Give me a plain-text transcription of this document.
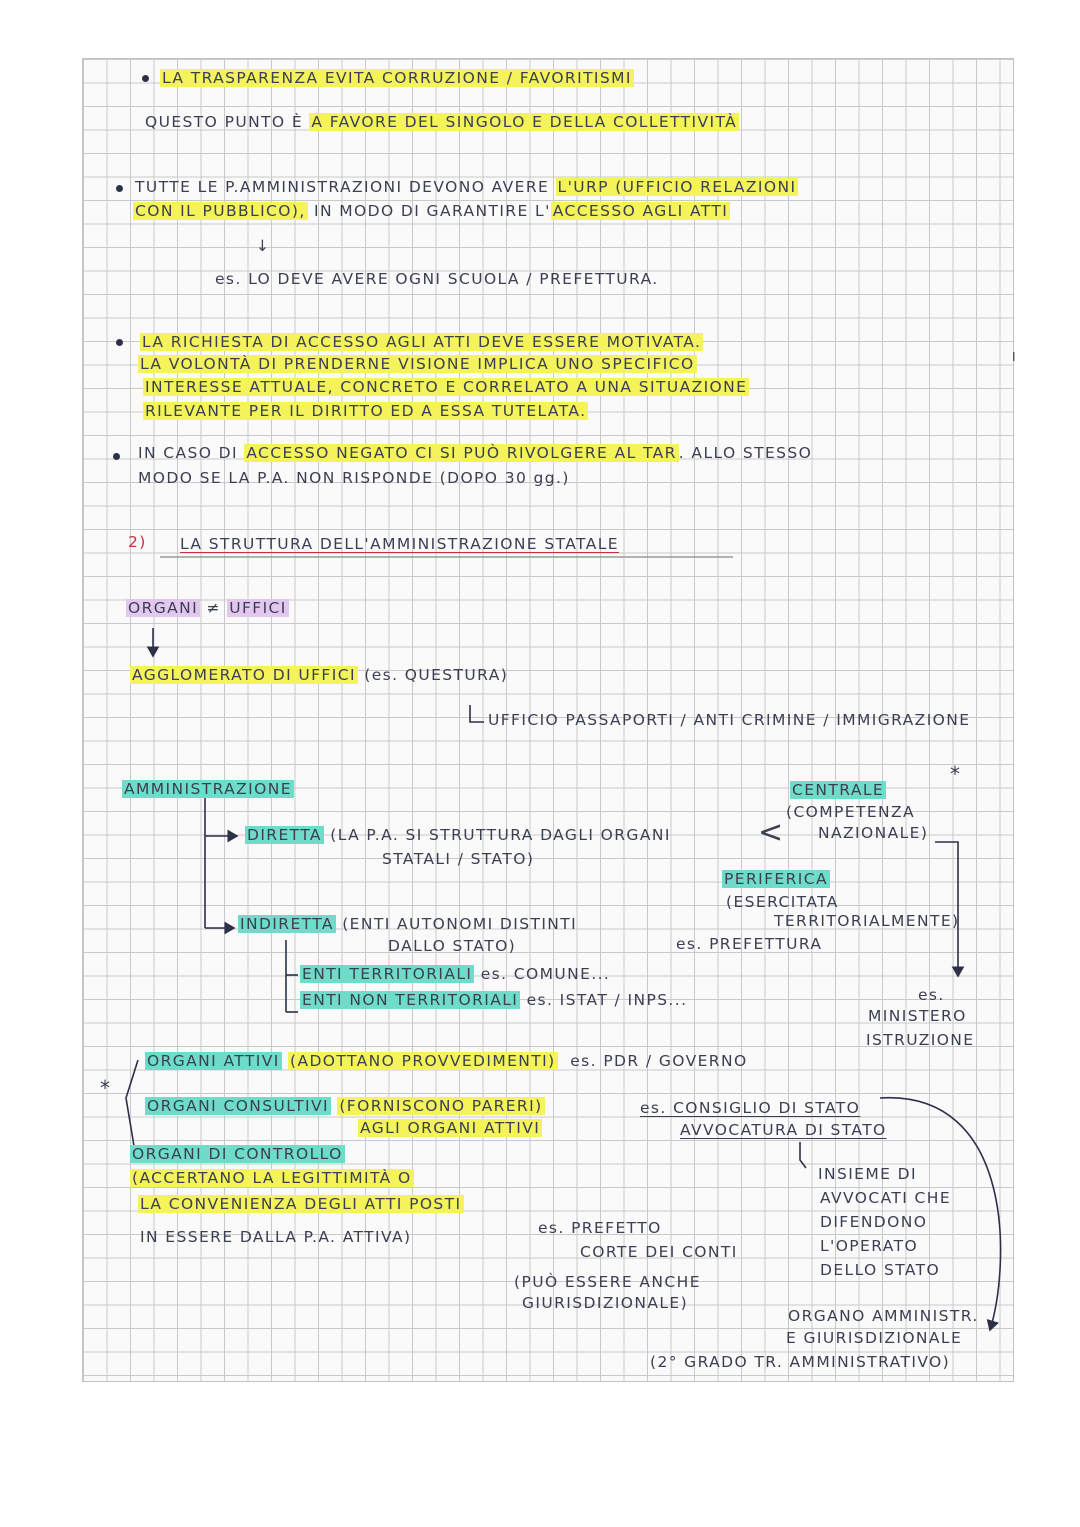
LA TRASPARENZA EVITA CORRUZIONE / FAVORITISMI

QUESTO PUNTO È A FAVORE DEL SINGOLO E DELLA COLLETTIVITÀ

TUTTE LE P.AMMINISTRAZIONI DEVONO AVERE L'URP (UFFICIO RELAZIONI

CON IL PUBBLICO), IN MODO DI GARANTIRE L' ACCESSO AGLI ATTI

↓

es. LO DEVE AVERE OGNI SCUOLA / PREFETTURA.

LA RICHIESTA DI ACCESSO AGLI ATTI DEVE ESSERE MOTIVATA.

LA VOLONTÀ DI PRENDERNE VISIONE IMPLICA UNO SPECIFICO

INTERESSE ATTUALE, CONCRETO E CORRELATO A UNA SITUAZIONE

RILEVANTE PER IL DIRITTO ED A ESSA TUTELATA.

I

IN CASO DI ACCESSO NEGATO CI SI PUÒ RIVOLGERE AL TAR . ALLO STESSO

MODO SE LA P.A. NON RISPONDE (DOPO 30 gg.)

2) LA STRUTTURA DELL'AMMINISTRAZIONE STATALE

ORGANI ≠ UFFICI

AGGLOMERATO DI UFFICI (es. QUESTURA)

UFFICIO PASSAPORTI / ANTI CRIMINE / IMMIGRAZIONE

AMMINISTRAZIONE

DIRETTA (LA P.A. SI STRUTTURA DAGLI ORGANI

STATALI / STATO)

<

CENTRALE

*

(COMPETENZA

NAZIONALE)

PERIFERICA

(ESERCITATA

TERRITORIALMENTE)

es. PREFETTURA

es.

MINISTERO

ISTRUZIONE

INDIRETTA (ENTI AUTONOMI DISTINTI

DALLO STATO)

ENTI TERRITORIALI es. COMUNE...

ENTI NON TERRITORIALI es. ISTAT / INPS...

*

ORGANI ATTIVI (ADOTTANO PROVVEDIMENTI) es. PDR / GOVERNO

ORGANI CONSULTIVI (FORNISCONO PARERI)

AGLI ORGANI ATTIVI

es. CONSIGLIO DI STATO

AVVOCATURA DI STATO

ORGANI DI CONTROLLO

(ACCERTANO LA LEGITTIMITÀ O

LA CONVENIENZA DEGLI ATTI POSTI

IN ESSERE DALLA P.A. ATTIVA)	es. PREFETTO

CORTE DEI CONTI

(PUÒ ESSERE ANCHE

GIURISDIZIONALE)

INSIEME DI

AVVOCATI CHE

DIFENDONO

L'OPERATO

DELLO STATO

ORGANO AMMINISTR.

E GIURISDIZIONALE

(2° GRADO TR. AMMINISTRATIVO)
